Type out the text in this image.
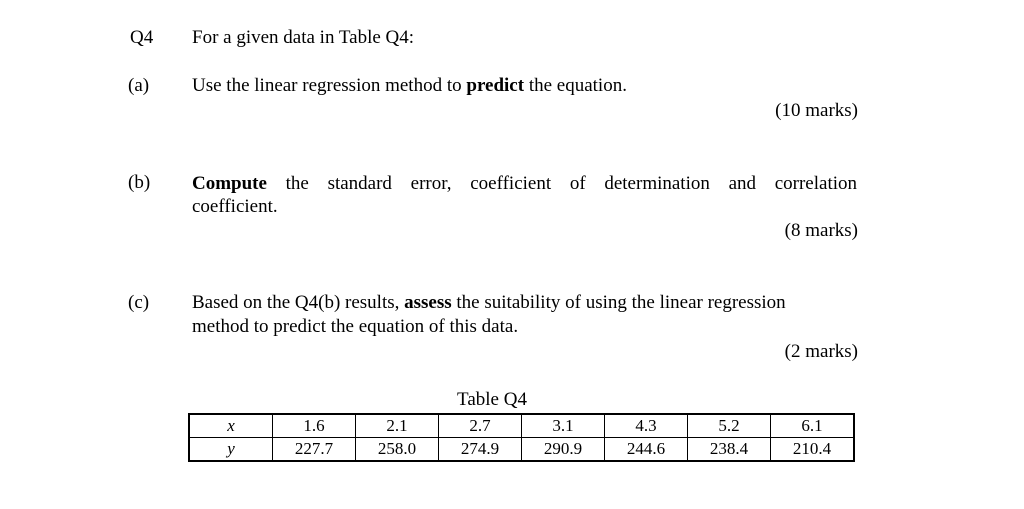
Q4 For a given data in Table Q4:
(a) Use the linear regression method to predict the equation.
(10 marks)
(b) Compute the standard error, coefficient of determination and correlation
coefficient.
(8 marks)
(c) Based on the Q4(b) results, assess the suitability of using the linear regression
method to predict the equation of this data.
(2 marks)
Table Q4
x	1.6	2.1	2.7	3.1	4.3	5.2	6.1
y	227.7	258.0	274.9	290.9	244.6	238.4	210.4
